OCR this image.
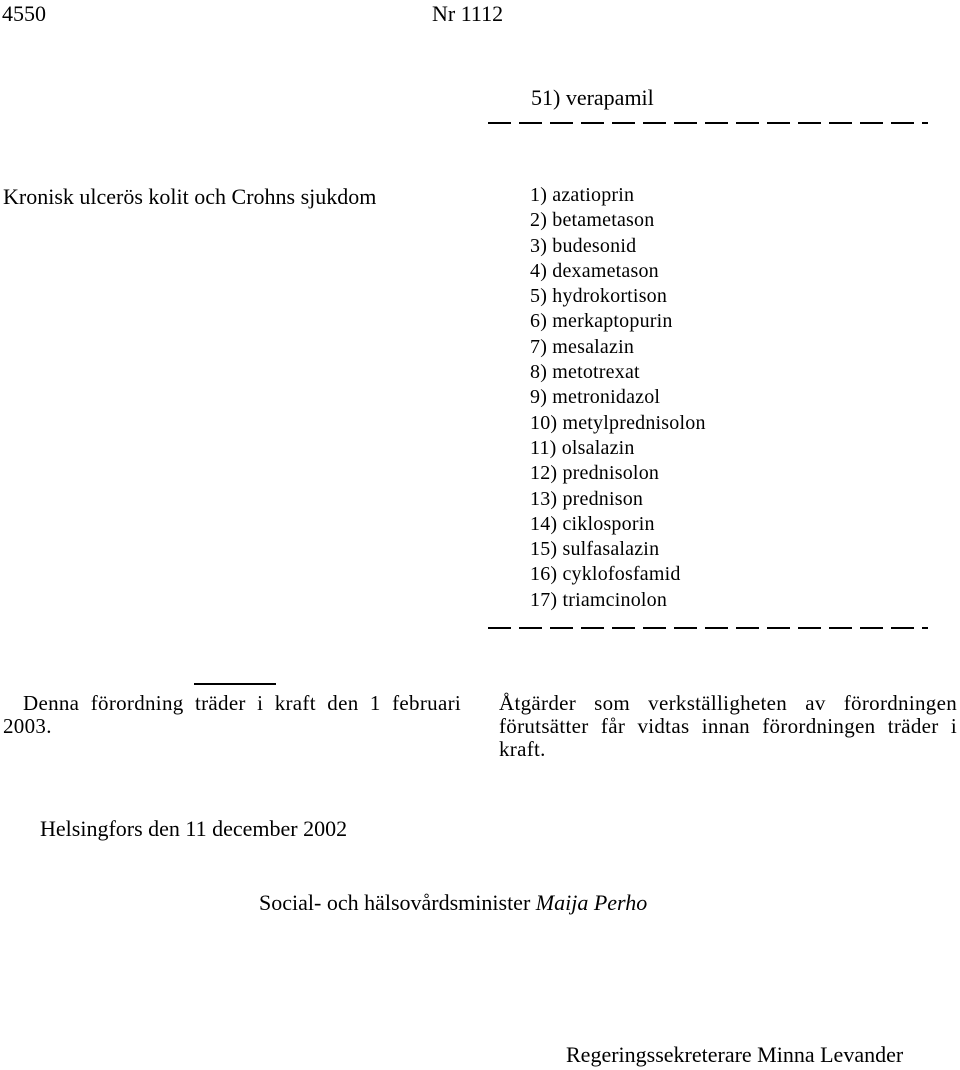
4550	Nr 1112
51) verapamil
Kronisk ulcerös kolit och Crohns sjukdom	1) azatioprin
2) betametason
3) budesonid
4) dexametason
5) hydrokortison
6) merkaptopurin
7) mesalazin
8) metotrexat
9) metronidazol
10) metylprednisolon
11) olsalazin
12) prednisolon
13) prednison
14) ciklosporin
15) sulfasalazin
16) cyklofosfamid
17) triamcinolon
Denna förordning träder i kraft den 1 februari 2003.
Åtgärder som verkställigheten av förordningen förutsätter får vidtas innan förordningen träder i kraft.
Helsingfors den 11 december 2002
Social- och hälsovårdsminister Maija Perho
Regeringssekreterare Minna Levander
